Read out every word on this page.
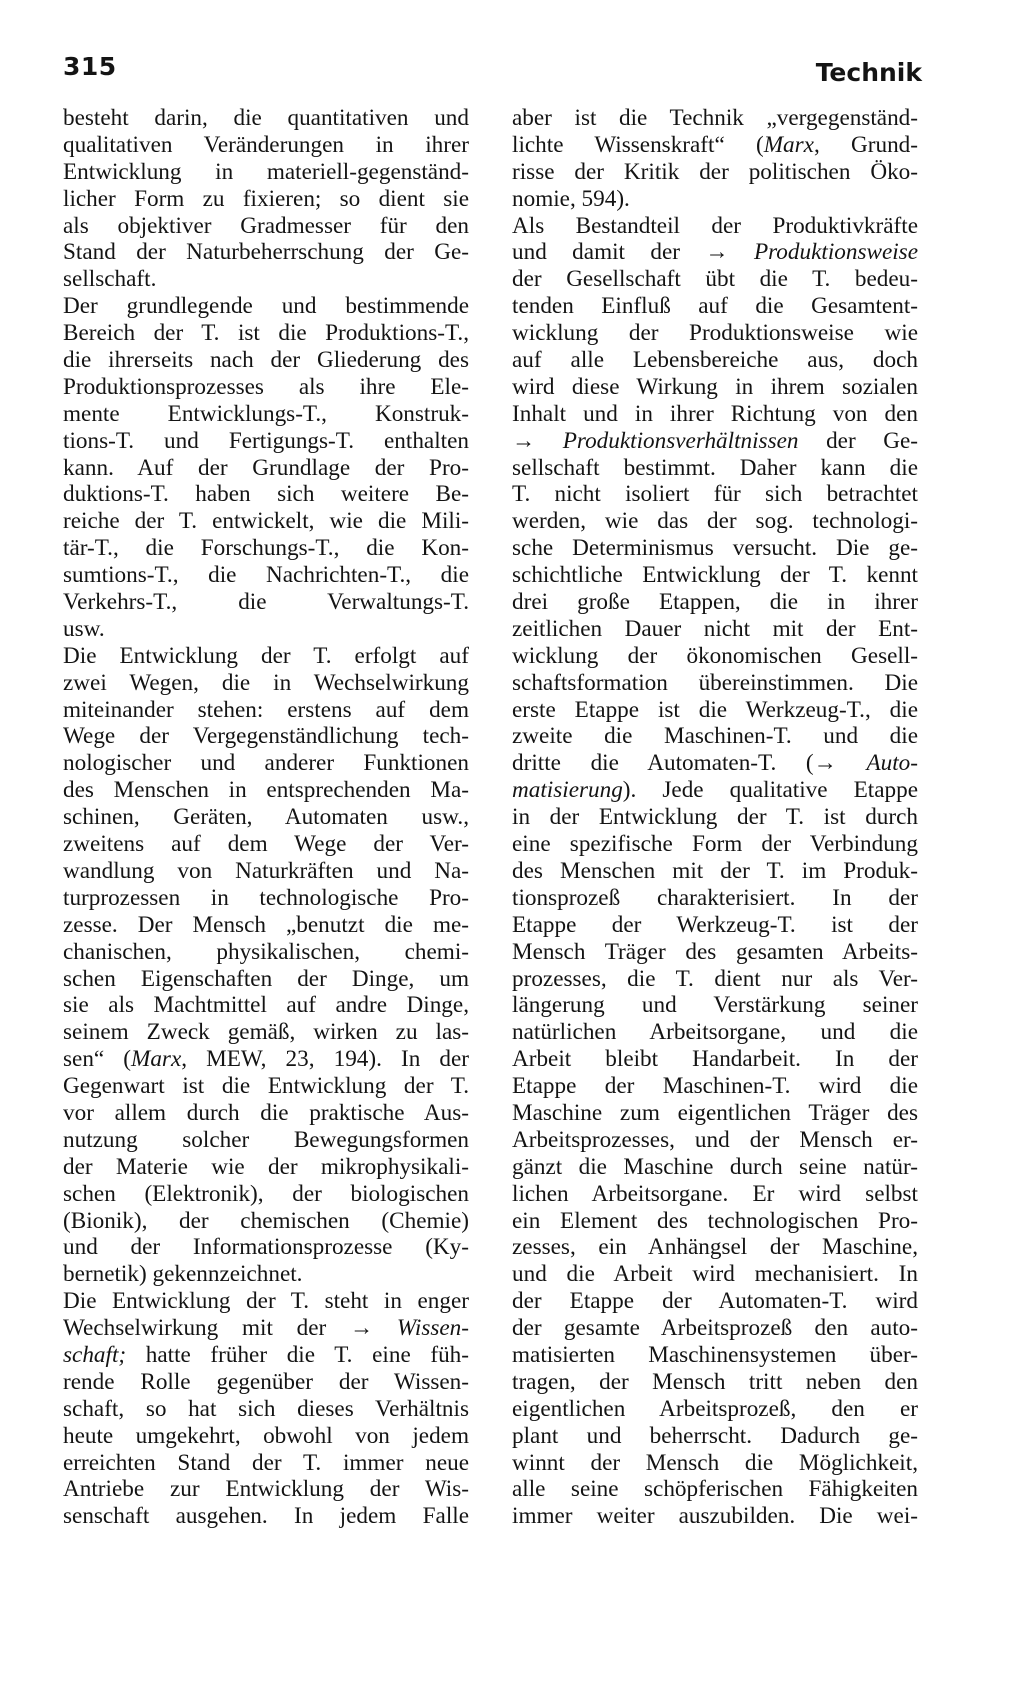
315	Technik
besteht darin, die quantitativen und
qualitativen Veränderungen in ihrer
Entwicklung in materiell-gegenständ-
licher Form zu fixieren; so dient sie
als objektiver Gradmesser für den
Stand der Naturbeherrschung der Ge-
sellschaft.
Der grundlegende und bestimmende
Bereich der T. ist die Produktions-T.,
die ihrerseits nach der Gliederung des
Produktionsprozesses als ihre Ele-
mente Entwicklungs-T., Konstruk-
tions-T. und Fertigungs-T. enthalten
kann. Auf der Grundlage der Pro-
duktions-T. haben sich weitere Be-
reiche der T. entwickelt, wie die Mili-
tär-T., die Forschungs-T., die Kon-
sumtions-T., die Nachrichten-T., die
Verkehrs-T., die Verwaltungs-T.
usw.
Die Entwicklung der T. erfolgt auf
zwei Wegen, die in Wechselwirkung
miteinander stehen: erstens auf dem
Wege der Vergegenständlichung tech-
nologischer und anderer Funktionen
des Menschen in entsprechenden Ma-
schinen, Geräten, Automaten usw.,
zweitens auf dem Wege der Ver-
wandlung von Naturkräften und Na-
turprozessen in technologische Pro-
zesse. Der Mensch „benutzt die me-
chanischen, physikalischen, chemi-
schen Eigenschaften der Dinge, um
sie als Machtmittel auf andre Dinge,
seinem Zweck gemäß, wirken zu las-
sen“ (Marx, MEW, 23, 194). In der
Gegenwart ist die Entwicklung der T.
vor allem durch die praktische Aus-
nutzung solcher Bewegungsformen
der Materie wie der mikrophysikali-
schen (Elektronik), der biologischen
(Bionik), der chemischen (Chemie)
und der Informationsprozesse (Ky-
bernetik) gekennzeichnet.
Die Entwicklung der T. steht in enger
Wechselwirkung mit der → Wissen-
schaft; hatte früher die T. eine füh-
rende Rolle gegenüber der Wissen-
schaft, so hat sich dieses Verhältnis
heute umgekehrt, obwohl von jedem
erreichten Stand der T. immer neue
Antriebe zur Entwicklung der Wis-
senschaft ausgehen. In jedem Falle
aber ist die Technik „vergegenständ-
lichte Wissenskraft“ (Marx, Grund-
risse der Kritik der politischen Öko-
nomie, 594).
Als Bestandteil der Produktivkräfte
und damit der → Produktionsweise
der Gesellschaft übt die T. bedeu-
tenden Einfluß auf die Gesamtent-
wicklung der Produktionsweise wie
auf alle Lebensbereiche aus, doch
wird diese Wirkung in ihrem sozialen
Inhalt und in ihrer Richtung von den
→ Produktionsverhältnissen der Ge-
sellschaft bestimmt. Daher kann die
T. nicht isoliert für sich betrachtet
werden, wie das der sog. technologi-
sche Determinismus versucht. Die ge-
schichtliche Entwicklung der T. kennt
drei große Etappen, die in ihrer
zeitlichen Dauer nicht mit der Ent-
wicklung der ökonomischen Gesell-
schaftsformation übereinstimmen. Die
erste Etappe ist die Werkzeug-T., die
zweite die Maschinen-T. und die
dritte die Automaten-T. (→ Auto-
matisierung). Jede qualitative Etappe
in der Entwicklung der T. ist durch
eine spezifische Form der Verbindung
des Menschen mit der T. im Produk-
tionsprozeß charakterisiert. In der
Etappe der Werkzeug-T. ist der
Mensch Träger des gesamten Arbeits-
prozesses, die T. dient nur als Ver-
längerung und Verstärkung seiner
natürlichen Arbeitsorgane, und die
Arbeit bleibt Handarbeit. In der
Etappe der Maschinen-T. wird die
Maschine zum eigentlichen Träger des
Arbeitsprozesses, und der Mensch er-
gänzt die Maschine durch seine natür-
lichen Arbeitsorgane. Er wird selbst
ein Element des technologischen Pro-
zesses, ein Anhängsel der Maschine,
und die Arbeit wird mechanisiert. In
der Etappe der Automaten-T. wird
der gesamte Arbeitsprozeß den auto-
matisierten Maschinensystemen über-
tragen, der Mensch tritt neben den
eigentlichen Arbeitsprozeß, den er
plant und beherrscht. Dadurch ge-
winnt der Mensch die Möglichkeit,
alle seine schöpferischen Fähigkeiten
immer weiter auszubilden. Die wei-
